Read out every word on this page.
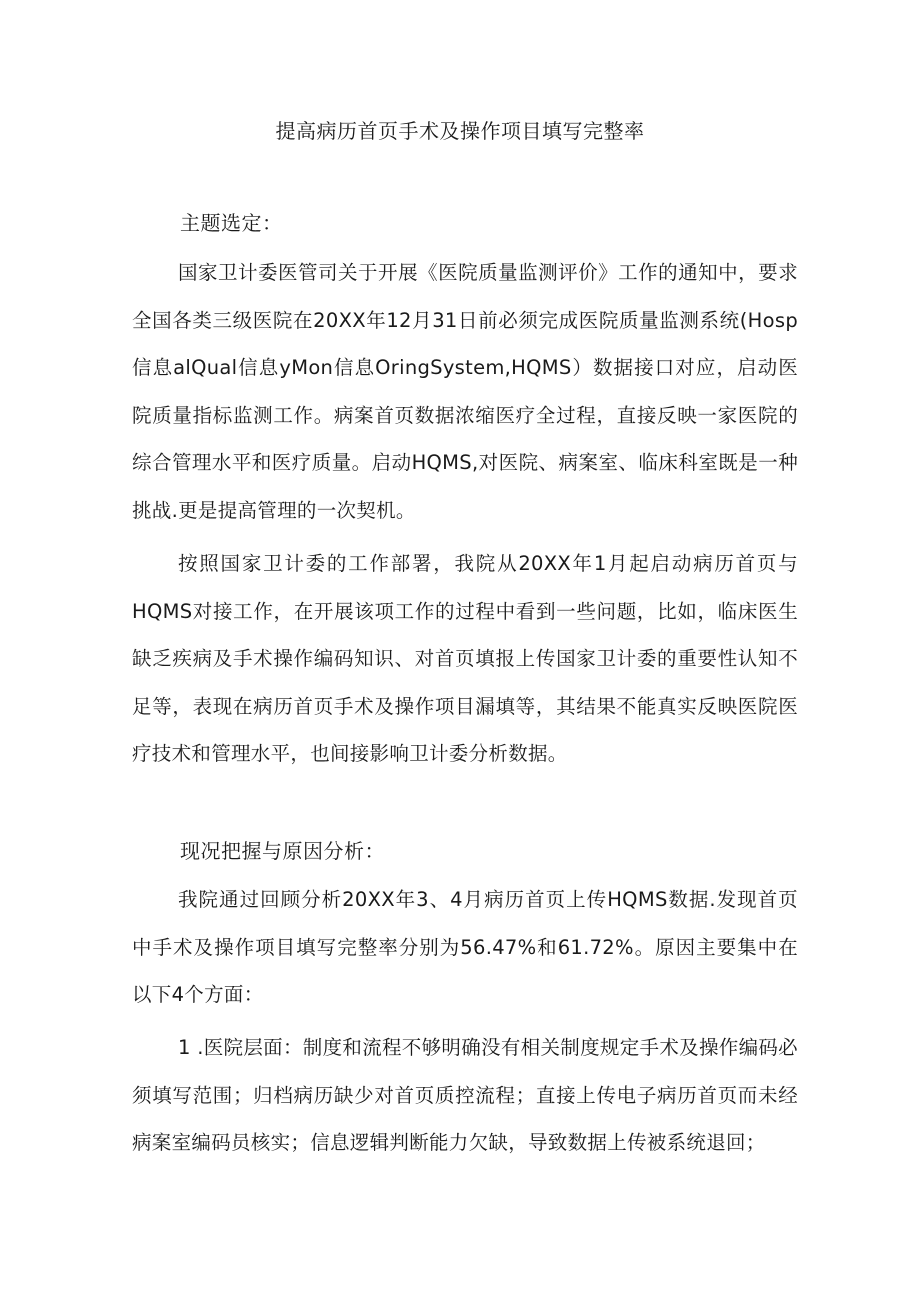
提高病历首页手术及操作项目填写完整率
主题选定：

国家卫计委医管司关于开展《医院质量监测评价》工作的通知中，要求全国各类三级医院在20XX年12月31日前必须完成医院质量监测系统(Hosp信息alQual信息yMon信息OringSystem,HQMS）数据接口对应，启动医院质量指标监测工作。病案首页数据浓缩医疗全过程，直接反映一家医院的综合管理水平和医疗质量。启动HQMS,对医院、病案室、临床科室既是一种挑战.更是提高管理的一次契机。

按照国家卫计委的工作部署，我院从20XX年1月起启动病历首页与HQMS对接工作，在开展该项工作的过程中看到一些问题，比如，临床医生缺乏疾病及手术操作编码知识、对首页填报上传国家卫计委的重要性认知不足等，表现在病历首页手术及操作项目漏填等，其结果不能真实反映医院医疗技术和管理水平，也间接影响卫计委分析数据。

现况把握与原因分析：

我院通过回顾分析20XX年3、4月病历首页上传HQMS数据.发现首页中手术及操作项目填写完整率分别为56.47%和61.72%。原因主要集中在以下4个方面：

1 .医院层面：制度和流程不够明确没有相关制度规定手术及操作编码必须填写范围；归档病历缺少对首页质控流程；直接上传电子病历首页而未经病案室编码员核实；信息逻辑判断能力欠缺，导致数据上传被系统退回；
